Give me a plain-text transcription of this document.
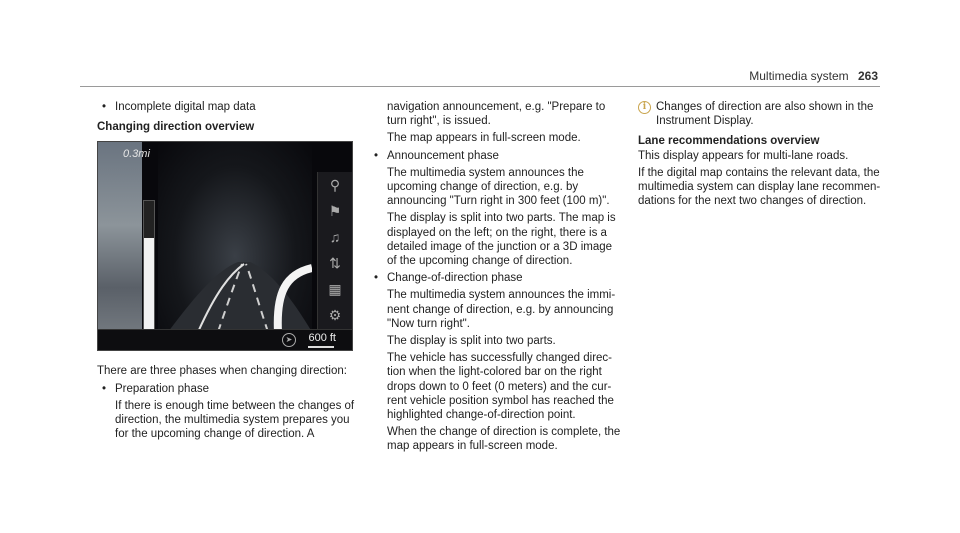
Multimedia system 263
• Incomplete digital map data
Changing direction overview
0.3mi
⚲
⚑
♫
⇅
▦
⚙
➤	600 ft

There are three phases when changing direction:

• Preparation phase
If there is enough time between the changes of direction, the multimedia system prepares you for the upcoming change of direction. A
navigation announcement, e.g. "Prepare to turn right", is issued.
The map appears in full-screen mode.
• Announcement phase
The multimedia system announces the upcoming change of direction, e.g. by announcing "Turn right in 300 feet (100 m)".
The display is split into two parts. The map is displayed on the left; on the right, there is a detailed image of the junction or a 3D image of the upcoming change of direction.
• Change-of-direction phase
The multimedia system announces the immi-nent change of direction, e.g. by announcing "Now turn right".
The display is split into two parts.
The vehicle has successfully changed direc-tion when the light-colored bar on the right drops down to 0 feet (0 meters) and the cur-rent vehicle position symbol has reached the highlighted change-of-direction point.
When the change of direction is complete, the map appears in full-screen mode.
i Changes of direction are also shown in the Instrument Display.
Lane recommendations overview

This display appears for multi-lane roads.

If the digital map contains the relevant data, the multimedia system can display lane recommen-dations for the next two changes of direction.
